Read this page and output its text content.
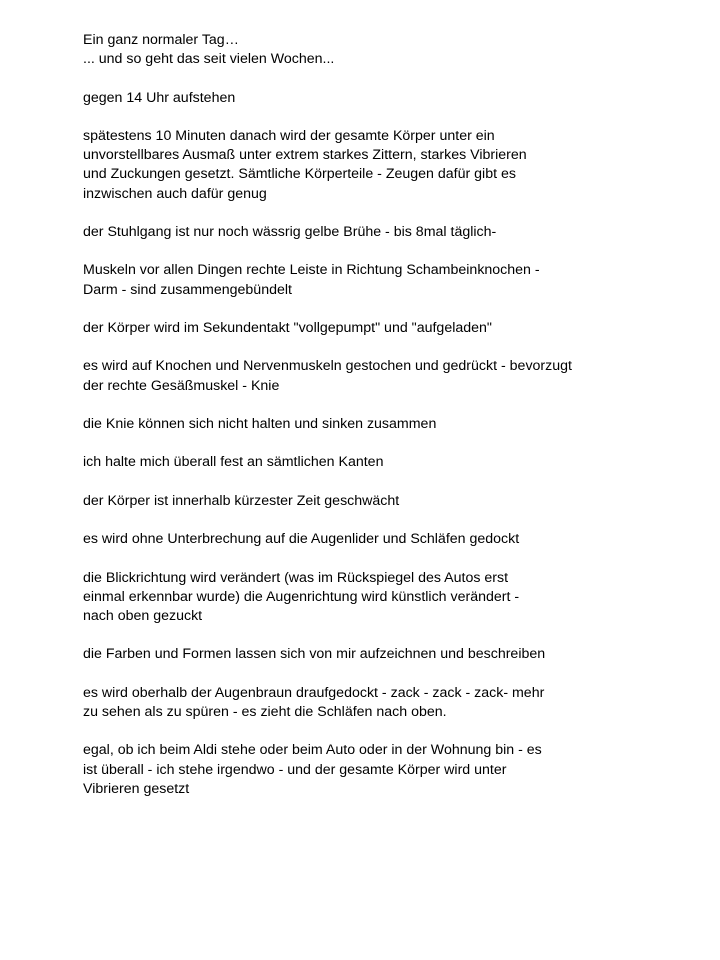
Ein ganz normaler Tag…

... und so geht das seit vielen Wochen...

gegen 14 Uhr aufstehen

spätestens 10 Minuten danach wird der gesamte Körper unter ein
unvorstellbares Ausmaß unter extrem starkes Zittern, starkes Vibrieren
und Zuckungen gesetzt. Sämtliche Körperteile - Zeugen dafür gibt es
inzwischen auch dafür genug

der Stuhlgang ist nur noch wässrig gelbe Brühe - bis 8mal täglich-

Muskeln vor allen Dingen rechte Leiste in Richtung Schambeinknochen -
Darm - sind zusammengebündelt

der Körper wird im Sekundentakt "vollgepumpt" und "aufgeladen"

es wird auf Knochen und Nervenmuskeln gestochen und gedrückt - bevorzugt
der rechte Gesäßmuskel - Knie

die Knie können sich nicht halten und sinken zusammen

ich halte mich überall fest an sämtlichen Kanten

der Körper ist innerhalb kürzester Zeit geschwächt

es wird ohne Unterbrechung auf die Augenlider und Schläfen gedockt

die Blickrichtung wird verändert (was im Rückspiegel des Autos erst
einmal erkennbar wurde) die Augenrichtung wird künstlich verändert -
nach oben gezuckt

die Farben und Formen lassen sich von mir aufzeichnen und beschreiben

es wird oberhalb der Augenbraun draufgedockt - zack - zack - zack- mehr
zu sehen als zu spüren - es zieht die Schläfen nach oben.

egal, ob ich beim Aldi stehe oder beim Auto oder in der Wohnung bin - es
ist überall - ich stehe irgendwo - und der gesamte Körper wird unter
Vibrieren gesetzt
